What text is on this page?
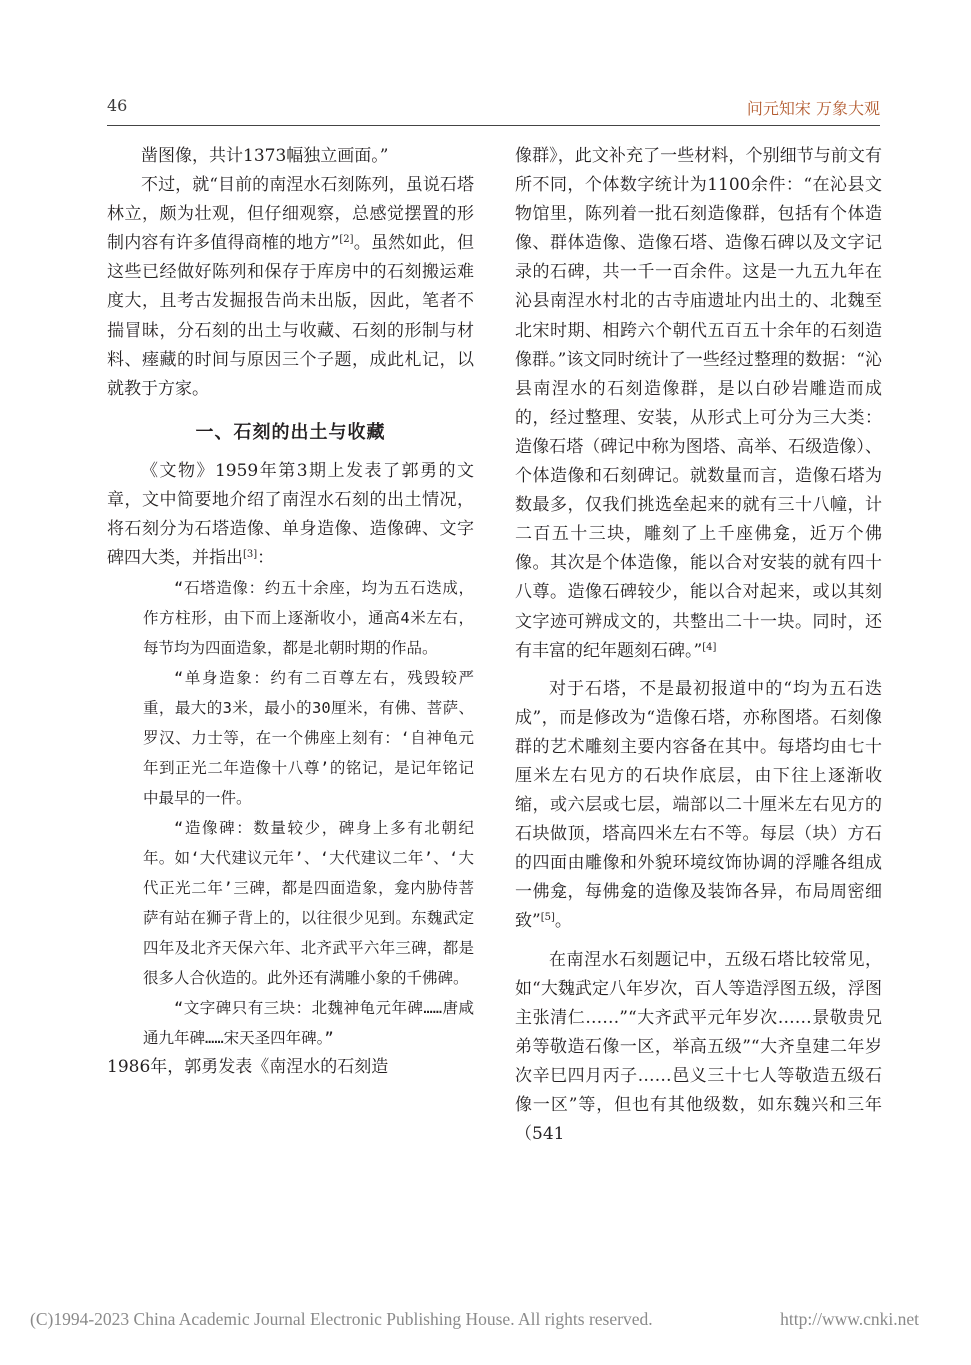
46	问元知宋 万象大观

凿图像，共计1373幅独立画面。”

不过，就“目前的南涅水石刻陈列，虽说石塔林立，颇为壮观，但仔细观察，总感觉摆置的形制内容有许多值得商榷的地方”[2]。虽然如此，但这些已经做好陈列和保存于库房中的石刻搬运难度大，且考古发掘报告尚未出版，因此，笔者不揣冒昧，分石刻的出土与收藏、石刻的形制与材料、瘗藏的时间与原因三个子题，成此札记，以就教于方家。

一、石刻的出土与收藏

《文物》1959年第3期上发表了郭勇的文章，文中简要地介绍了南涅水石刻的出土情况，将石刻分为石塔造像、单身造像、造像碑、文字碑四大类，并指出[3]：

“石塔造像：约五十余座，均为五石迭成，作方柱形，由下而上逐渐收小，通高4米左右，每节均为四面造象，都是北朝时期的作品。

“单身造象：约有二百尊左右，残毁较严重，最大的3米，最小的30厘米，有佛、菩萨、罗汉、力士等，在一个佛座上刻有：‘自神龟元年到正光二年造像十八尊’的铭记，是记年铭记中最早的一件。

“造像碑：数量较少，碑身上多有北朝纪年。如‘大代建议元年’、‘大代建议二年’、‘大代正光二年’三碑，都是四面造象，龛内胁侍菩萨有站在狮子背上的，以往很少见到。东魏武定四年及北齐天保六年、北齐武平六年三碑，都是很多人合伙造的。此外还有满雕小象的千佛碑。

“文字碑只有三块：北魏神龟元年碑……唐咸通九年碑……宋天圣四年碑。”

1986年，郭勇发表《南涅水的石刻造

像群》，此文补充了一些材料，个别细节与前文有所不同，个体数字统计为1100余件：“在沁县文物馆里，陈列着一批石刻造像群，包括有个体造像、群体造像、造像石塔、造像石碑以及文字记录的石碑，共一千一百余件。这是一九五九年在沁县南涅水村北的古寺庙遗址内出土的、北魏至北宋时期、相跨六个朝代五百五十余年的石刻造像群。”该文同时统计了一些经过整理的数据：“沁县南涅水的石刻造像群，是以白砂岩雕造而成的，经过整理、安装，从形式上可分为三大类：造像石塔（碑记中称为图塔、高举、石级造像）、个体造像和石刻碑记。就数量而言，造像石塔为数最多，仅我们挑选垒起来的就有三十八幢，计二百五十三块，雕刻了上千座佛龛，近万个佛像。其次是个体造像，能以合对安装的就有四十八尊。造像石碑较少，能以合对起来，或以其刻文字迹可辨成文的，共整出二十一块。同时，还有丰富的纪年题刻石碑。”[4]

对于石塔，不是最初报道中的“均为五石迭成”，而是修改为“造像石塔，亦称图塔。石刻像群的艺术雕刻主要内容备在其中。每塔均由七十厘米左右见方的石块作底层，由下往上逐渐收缩，或六层或七层，端部以二十厘米左右见方的石块做顶，塔高四米左右不等。每层（块）方石的四面由雕像和外貌环境纹饰协调的浮雕各组成一佛龛，每佛龛的造像及装饰各异，布局周密细致”[5]。

在南涅水石刻题记中，五级石塔比较常见，如“大魏武定八年岁次，百人等造浮图五级，浮图主张清仁……”“大齐武平元年岁次……景敬贵兄弟等敬造石像一区，举高五级”“大齐皇建二年岁次辛巳四月丙子……邑义三十七人等敬造五级石像一区”等，但也有其他级数，如东魏兴和三年（541

(C)1994-2023 China Academic Journal Electronic Publishing House. All rights reserved.	http://www.cnki.net
